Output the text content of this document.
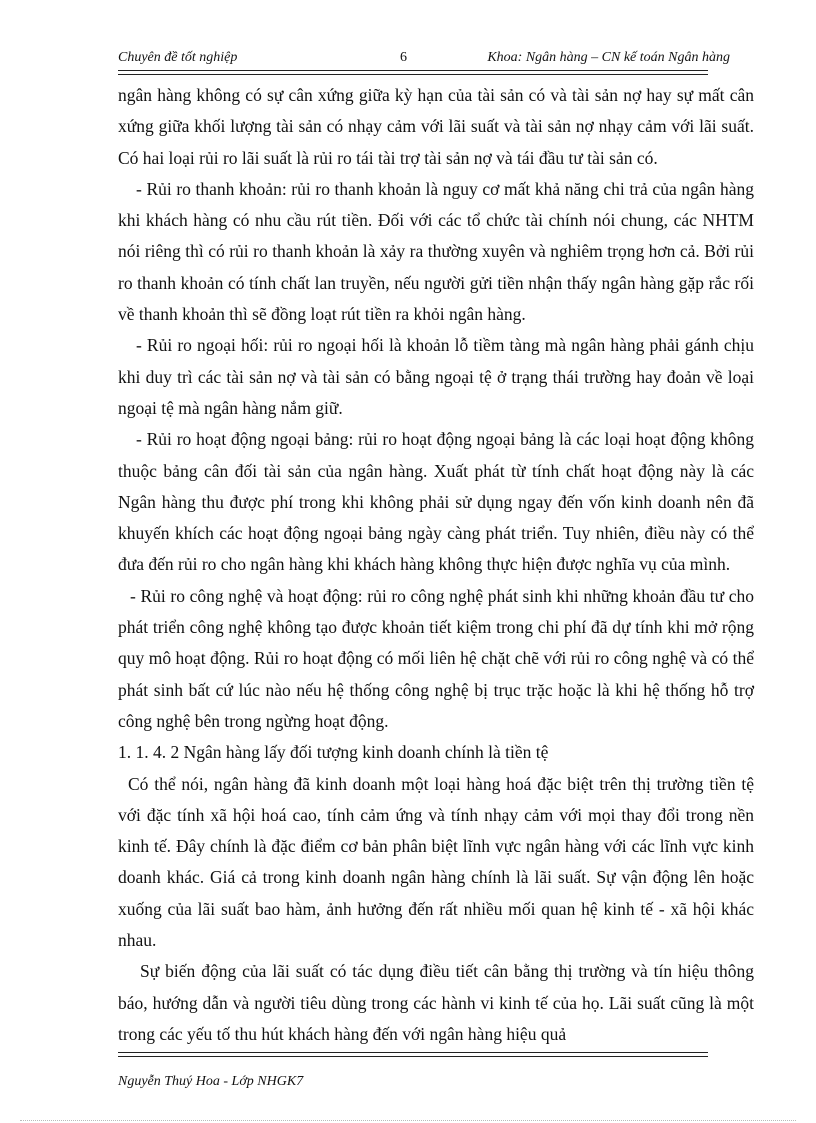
Chuyên đề tốt nghiệp	6	Khoa: Ngân hàng – CN kế toán Ngân hàng

ngân hàng không có sự cân xứng giữa kỳ hạn của tài sản có và tài sản nợ hay sự mất cân xứng giữa khối lượng tài sản có nhạy cảm với lãi suất và tài sản nợ nhạy cảm với lãi suất. Có hai loại rủi ro lãi suất là rủi ro tái tài trợ tài sản nợ và tái đầu tư tài sản có.

- Rủi ro thanh khoản: rủi ro thanh khoản là nguy cơ mất khả năng chi trả của ngân hàng khi khách hàng có nhu cầu rút tiền. Đối với các tổ chức tài chính nói chung, các NHTM nói riêng thì có rủi ro thanh khoản là xảy ra thường xuyên và nghiêm trọng hơn cả. Bởi rủi ro thanh khoản có tính chất lan truyền, nếu người gửi tiền nhận thấy ngân hàng gặp rắc rối về thanh khoản thì sẽ đồng loạt rút tiền ra khỏi ngân hàng.

- Rủi ro ngoại hối: rủi ro ngoại hối là khoản lỗ tiềm tàng mà ngân hàng phải gánh chịu khi duy trì các tài sản nợ và tài sản có bằng ngoại tệ ở trạng thái trường hay đoản về loại ngoại tệ mà ngân hàng nắm giữ.

- Rủi ro hoạt động ngoại bảng: rủi ro hoạt động ngoại bảng là các loại hoạt động không thuộc bảng cân đối tài sản của ngân hàng. Xuất phát từ tính chất hoạt động này là các Ngân hàng thu được phí trong khi không phải sử dụng ngay đến vốn kinh doanh nên đã khuyến khích các hoạt động ngoại bảng ngày càng phát triển. Tuy nhiên, điều này có thể đưa đến rủi ro cho ngân hàng khi khách hàng không thực hiện được nghĩa vụ của mình.

- Rủi ro công nghệ và hoạt động: rủi ro công nghệ phát sinh khi những khoản đầu tư cho phát triển công nghệ không tạo được khoản tiết kiệm trong chi phí đã dự tính khi mở rộng quy mô hoạt động. Rủi ro hoạt động có mối liên hệ chặt chẽ với rủi ro công nghệ và có thể phát sinh bất cứ lúc nào nếu hệ thống công nghệ bị trục trặc hoặc là khi hệ thống hỗ trợ công nghệ bên trong ngừng hoạt động.

1. 1. 4. 2 Ngân hàng lấy đối tượng kinh doanh chính là tiền tệ

Có thể nói, ngân hàng đã kinh doanh một loại hàng hoá đặc biệt trên thị trường tiền tệ với đặc tính xã hội hoá cao, tính cảm ứng và tính nhạy cảm với mọi thay đổi trong nền kinh tế. Đây chính là đặc điểm cơ bản phân biệt lĩnh vực ngân hàng với các lĩnh vực kinh doanh khác. Giá cả trong kinh doanh ngân hàng chính là lãi suất. Sự vận động lên hoặc xuống của lãi suất bao hàm, ảnh hưởng đến rất nhiều mối quan hệ kinh tế - xã hội khác nhau.

Sự biến động của lãi suất có tác dụng điều tiết cân bằng thị trường và tín hiệu thông báo, hướng dẫn và người tiêu dùng trong các hành vi kinh tế của họ. Lãi suất cũng là một trong các yếu tố thu hút khách hàng đến với ngân hàng hiệu quả

Nguyễn Thuý Hoa - Lớp NHGK7
